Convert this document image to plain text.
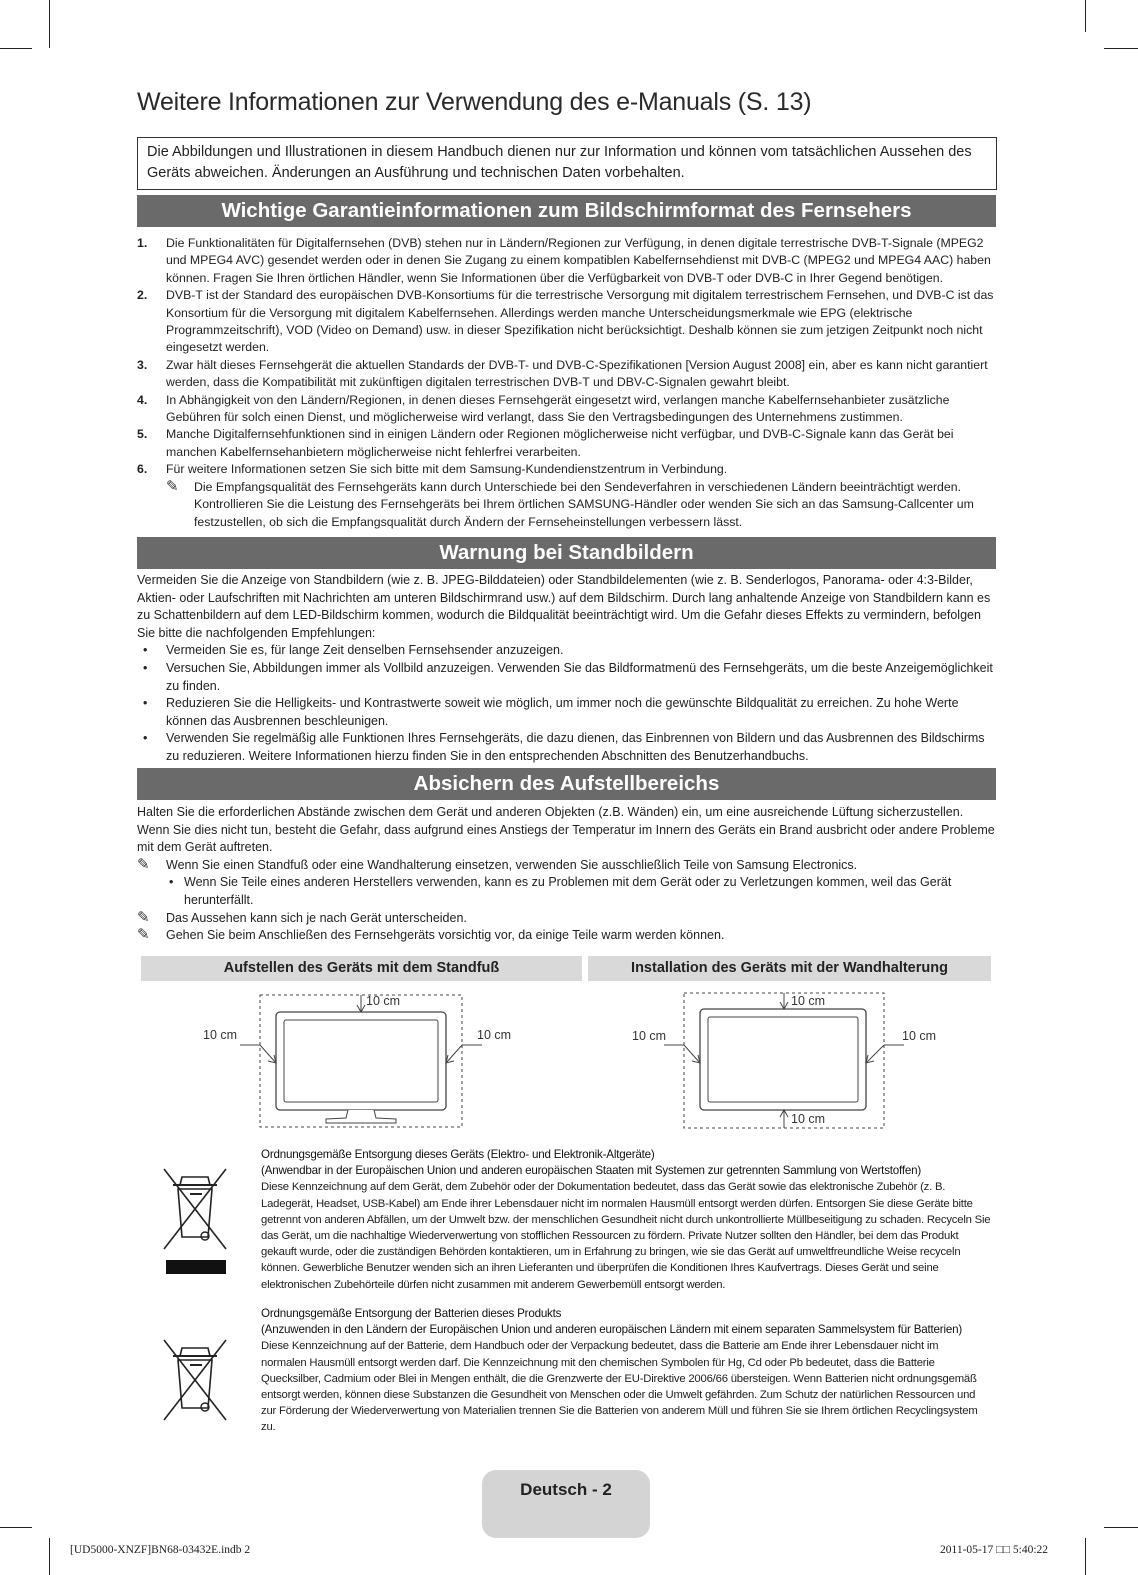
Weitere Informationen zur Verwendung des e-Manuals (S. 13)
Die Abbildungen und Illustrationen in diesem Handbuch dienen nur zur Information und können vom tatsächlichen Aussehen des Geräts abweichen. Änderungen an Ausführung und technischen Daten vorbehalten.
Wichtige Garantieinformationen zum Bildschirmformat des Fernsehers
1.	Die Funktionalitäten für Digitalfernsehen (DVB) stehen nur in Ländern/Regionen zur Verfügung, in denen digitale terrestrische DVB-T-Signale (MPEG2 und MPEG4 AVC) gesendet werden oder in denen Sie Zugang zu einem kompatiblen Kabelfernsehdienst mit DVB-C (MPEG2 und MPEG4 AAC) haben können. Fragen Sie Ihren örtlichen Händler, wenn Sie Informationen über die Verfügbarkeit von DVB-T oder DVB-C in Ihrer Gegend benötigen.
2.	DVB-T ist der Standard des europäischen DVB-Konsortiums für die terrestrische Versorgung mit digitalem terrestrischem Fernsehen, und DVB-C ist das Konsortium für die Versorgung mit digitalem Kabelfernsehen. Allerdings werden manche Unterscheidungsmerkmale wie EPG (elektrische Programmzeitschrift), VOD (Video on Demand) usw. in dieser Spezifikation nicht berücksichtigt. Deshalb können sie zum jetzigen Zeitpunkt noch nicht eingesetzt werden.
3.	Zwar hält dieses Fernsehgerät die aktuellen Standards der DVB-T- und DVB-C-Spezifikationen [Version August 2008] ein, aber es kann nicht garantiert werden, dass die Kompatibilität mit zukünftigen digitalen terrestrischen DVB-T und DBV-C-Signalen gewahrt bleibt.
4.	In Abhängigkeit von den Ländern/Regionen, in denen dieses Fernsehgerät eingesetzt wird, verlangen manche Kabelfernsehanbieter zusätzliche Gebühren für solch einen Dienst, und möglicherweise wird verlangt, dass Sie den Vertragsbedingungen des Unternehmens zustimmen.
5.	Manche Digitalfernsehfunktionen sind in einigen Ländern oder Regionen möglicherweise nicht verfügbar, und DVB-C-Signale kann das Gerät bei manchen Kabelfernsehanbietern möglicherweise nicht fehlerfrei verarbeiten.
6.	Für weitere Informationen setzen Sie sich bitte mit dem Samsung-Kundendienstzentrum in Verbindung.
✎	Die Empfangsqualität des Fernsehgeräts kann durch Unterschiede bei den Sendeverfahren in verschiedenen Ländern beeinträchtigt werden. Kontrollieren Sie die Leistung des Fernsehgeräts bei Ihrem örtlichen SAMSUNG-Händler oder wenden Sie sich an das Samsung-Callcenter um festzustellen, ob sich die Empfangsqualität durch Ändern der Fernseheinstellungen verbessern lässt.
Warnung bei Standbildern
Vermeiden Sie die Anzeige von Standbildern (wie z. B. JPEG-Bilddateien) oder Standbildelementen (wie z. B. Senderlogos, Panorama- oder 4:3-Bilder, Aktien- oder Laufschriften mit Nachrichten am unteren Bildschirmrand usw.) auf dem Bildschirm. Durch lang anhaltende Anzeige von Standbildern kann es zu Schattenbildern auf dem LED-Bildschirm kommen, wodurch die Bildqualität beeinträchtigt wird. Um die Gefahr dieses Effekts zu vermindern, befolgen Sie bitte die nachfolgenden Empfehlungen:
•	Vermeiden Sie es, für lange Zeit denselben Fernsehsender anzuzeigen.
•	Versuchen Sie, Abbildungen immer als Vollbild anzuzeigen. Verwenden Sie das Bildformatmenü des Fernsehgeräts, um die beste Anzeigemöglichkeit zu finden.
•	Reduzieren Sie die Helligkeits- und Kontrastwerte soweit wie möglich, um immer noch die gewünschte Bildqualität zu erreichen. Zu hohe Werte können das Ausbrennen beschleunigen.
•	Verwenden Sie regelmäßig alle Funktionen Ihres Fernsehgeräts, die dazu dienen, das Einbrennen von Bildern und das Ausbrennen des Bildschirms zu reduzieren. Weitere Informationen hierzu finden Sie in den entsprechenden Abschnitten des Benutzerhandbuchs.
Absichern des Aufstellbereichs
Halten Sie die erforderlichen Abstände zwischen dem Gerät und anderen Objekten (z.B. Wänden) ein, um eine ausreichende Lüftung sicherzustellen. Wenn Sie dies nicht tun, besteht die Gefahr, dass aufgrund eines Anstiegs der Temperatur im Innern des Geräts ein Brand ausbricht oder andere Probleme mit dem Gerät auftreten.
✎	Wenn Sie einen Standfuß oder eine Wandhalterung einsetzen, verwenden Sie ausschließlich Teile von Samsung Electronics.
• Wenn Sie Teile eines anderen Herstellers verwenden, kann es zu Problemen mit dem Gerät oder zu Verletzungen kommen, weil das Gerät herunterfällt.
✎	Das Aussehen kann sich je nach Gerät unterscheiden.
✎	Gehen Sie beim Anschließen des Fernsehgeräts vorsichtig vor, da einige Teile warm werden können.
Aufstellen des Geräts mit dem Standfuß	Installation des Geräts mit der Wandhalterung
10 cm
10 cm	10 cm
10 cm
10 cm	10 cm
10 cm
Ordnungsgemäße Entsorgung dieses Geräts (Elektro- und Elektronik-Altgeräte)
(Anwendbar in der Europäischen Union und anderen europäischen Staaten mit Systemen zur getrennten Sammlung von Wertstoffen)
Diese Kennzeichnung auf dem Gerät, dem Zubehör oder der Dokumentation bedeutet, dass das Gerät sowie das elektronische Zubehör (z. B. Ladegerät, Headset, USB-Kabel) am Ende ihrer Lebensdauer nicht im normalen Hausmüll entsorgt werden dürfen. Entsorgen Sie diese Geräte bitte getrennt von anderen Abfällen, um der Umwelt bzw. der menschlichen Gesundheit nicht durch unkontrollierte Müllbeseitigung zu schaden. Recyceln Sie das Gerät, um die nachhaltige Wiederverwertung von stofflichen Ressourcen zu fördern. Private Nutzer sollten den Händler, bei dem das Produkt gekauft wurde, oder die zuständigen Behörden kontaktieren, um in Erfahrung zu bringen, wie sie das Gerät auf umweltfreundliche Weise recyceln können. Gewerbliche Benutzer wenden sich an ihren Lieferanten und überprüfen die Konditionen Ihres Kaufvertrags. Dieses Gerät und seine elektronischen Zubehörteile dürfen nicht zusammen mit anderem Gewerbemüll entsorgt werden.
Ordnungsgemäße Entsorgung der Batterien dieses Produkts
(Anzuwenden in den Ländern der Europäischen Union und anderen europäischen Ländern mit einem separaten Sammelsystem für Batterien)
Diese Kennzeichnung auf der Batterie, dem Handbuch oder der Verpackung bedeutet, dass die Batterie am Ende ihrer Lebensdauer nicht im normalen Hausmüll entsorgt werden darf. Die Kennzeichnung mit den chemischen Symbolen für Hg, Cd oder Pb bedeutet, dass die Batterie Quecksilber, Cadmium oder Blei in Mengen enthält, die die Grenzwerte der EU-Direktive 2006/66 übersteigen. Wenn Batterien nicht ordnungsgemäß entsorgt werden, können diese Substanzen die Gesundheit von Menschen oder die Umwelt gefährden. Zum Schutz der natürlichen Ressourcen und zur Förderung der Wiederverwertung von Materialien trennen Sie die Batterien von anderem Müll und führen Sie sie Ihrem örtlichen Recyclingsystem zu.
Deutsch - 2
[UD5000-XNZF]BN68-03432E.indb 2	2011-05-17 □□ 5:40:22
